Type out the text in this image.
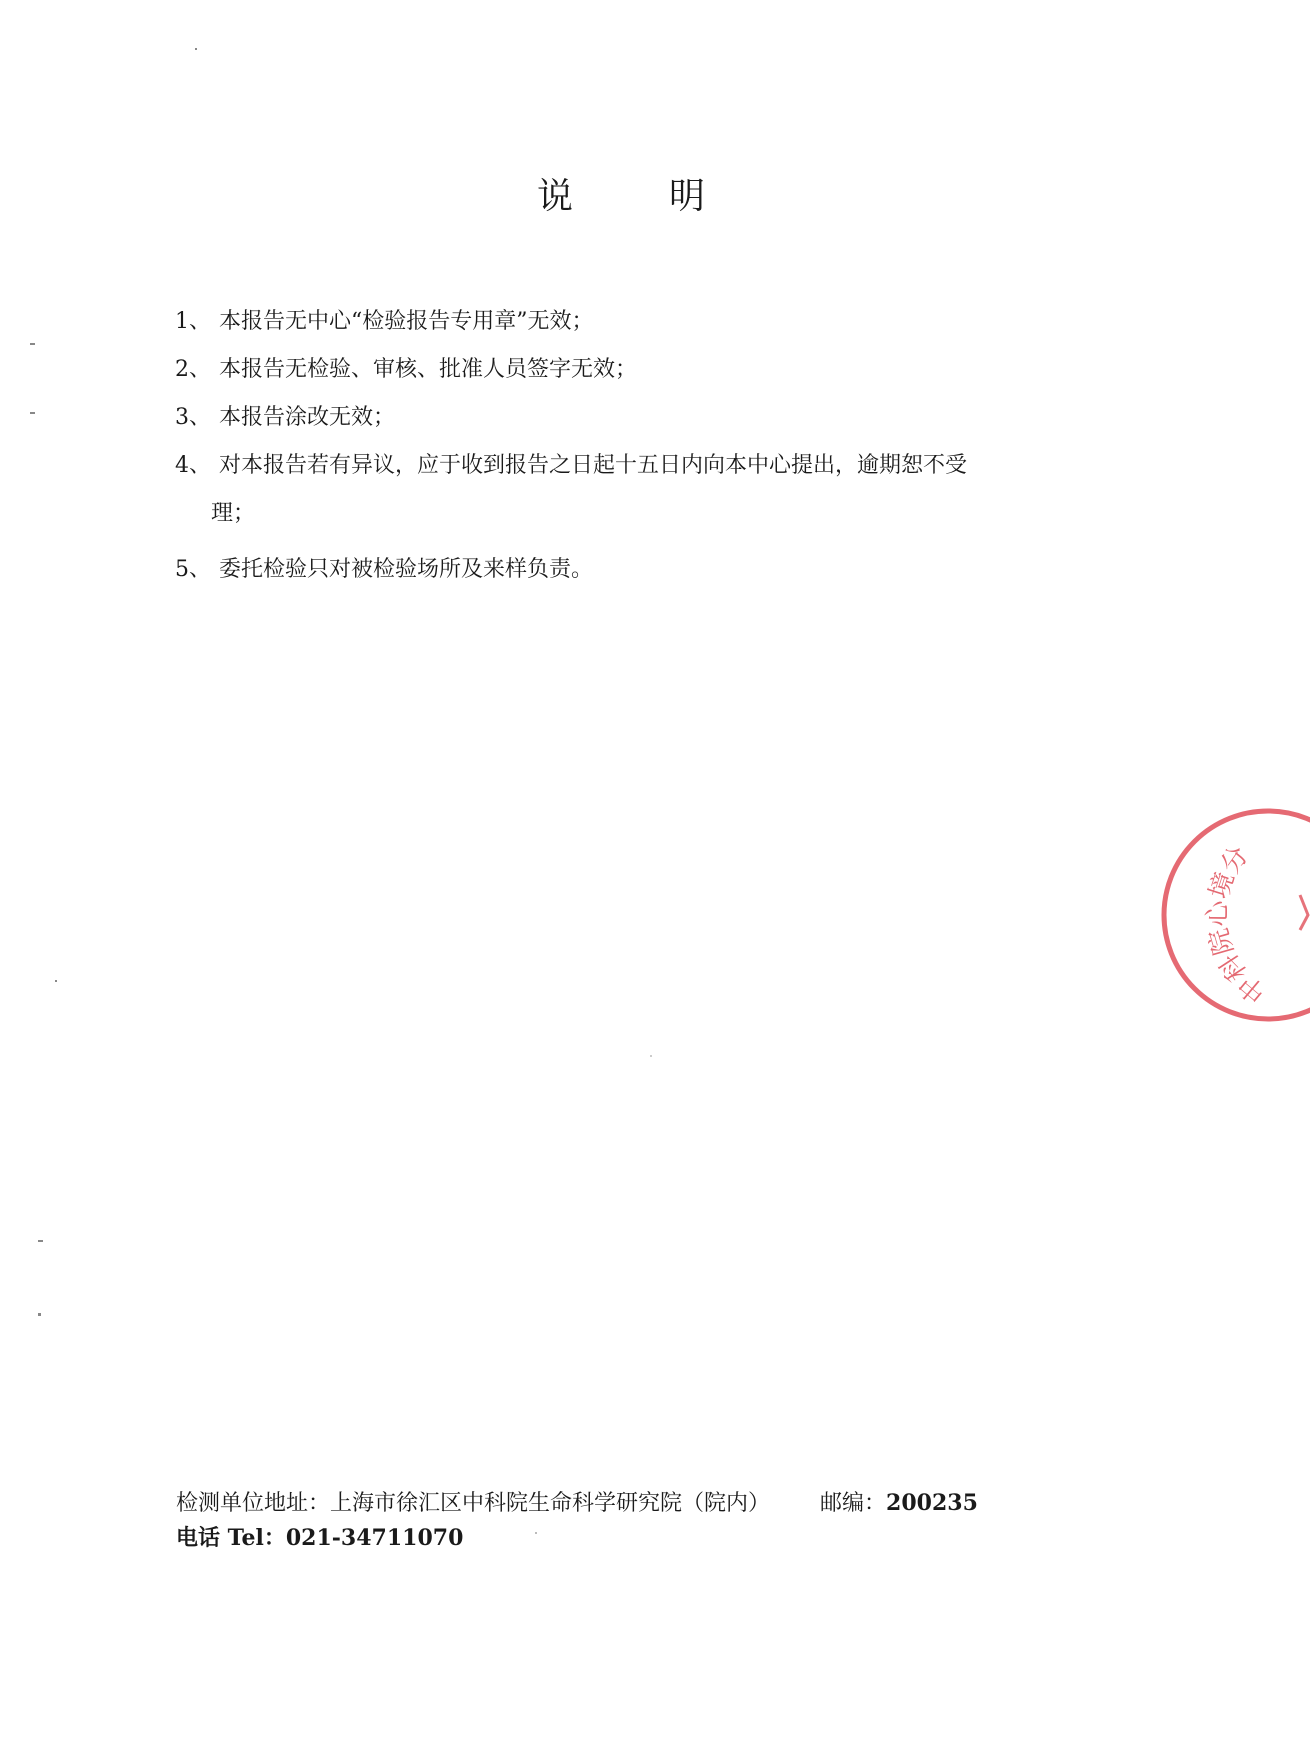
说	明
1、 本报告无中心“检验报告专用章”无效；
2、 本报告无检验、审核、批准人员签字无效；
3、 本报告涂改无效；
4、 对本报告若有异议，应于收到报告之日起十五日内向本中心提出，逾期恕不受
理；
5、 委托检验只对被检验场所及来样负责。
检测单位地址：上海市徐汇区中科院生命科学研究院（院内） 邮编：200235
电话 Tel：021-34711070
中科院心境分
